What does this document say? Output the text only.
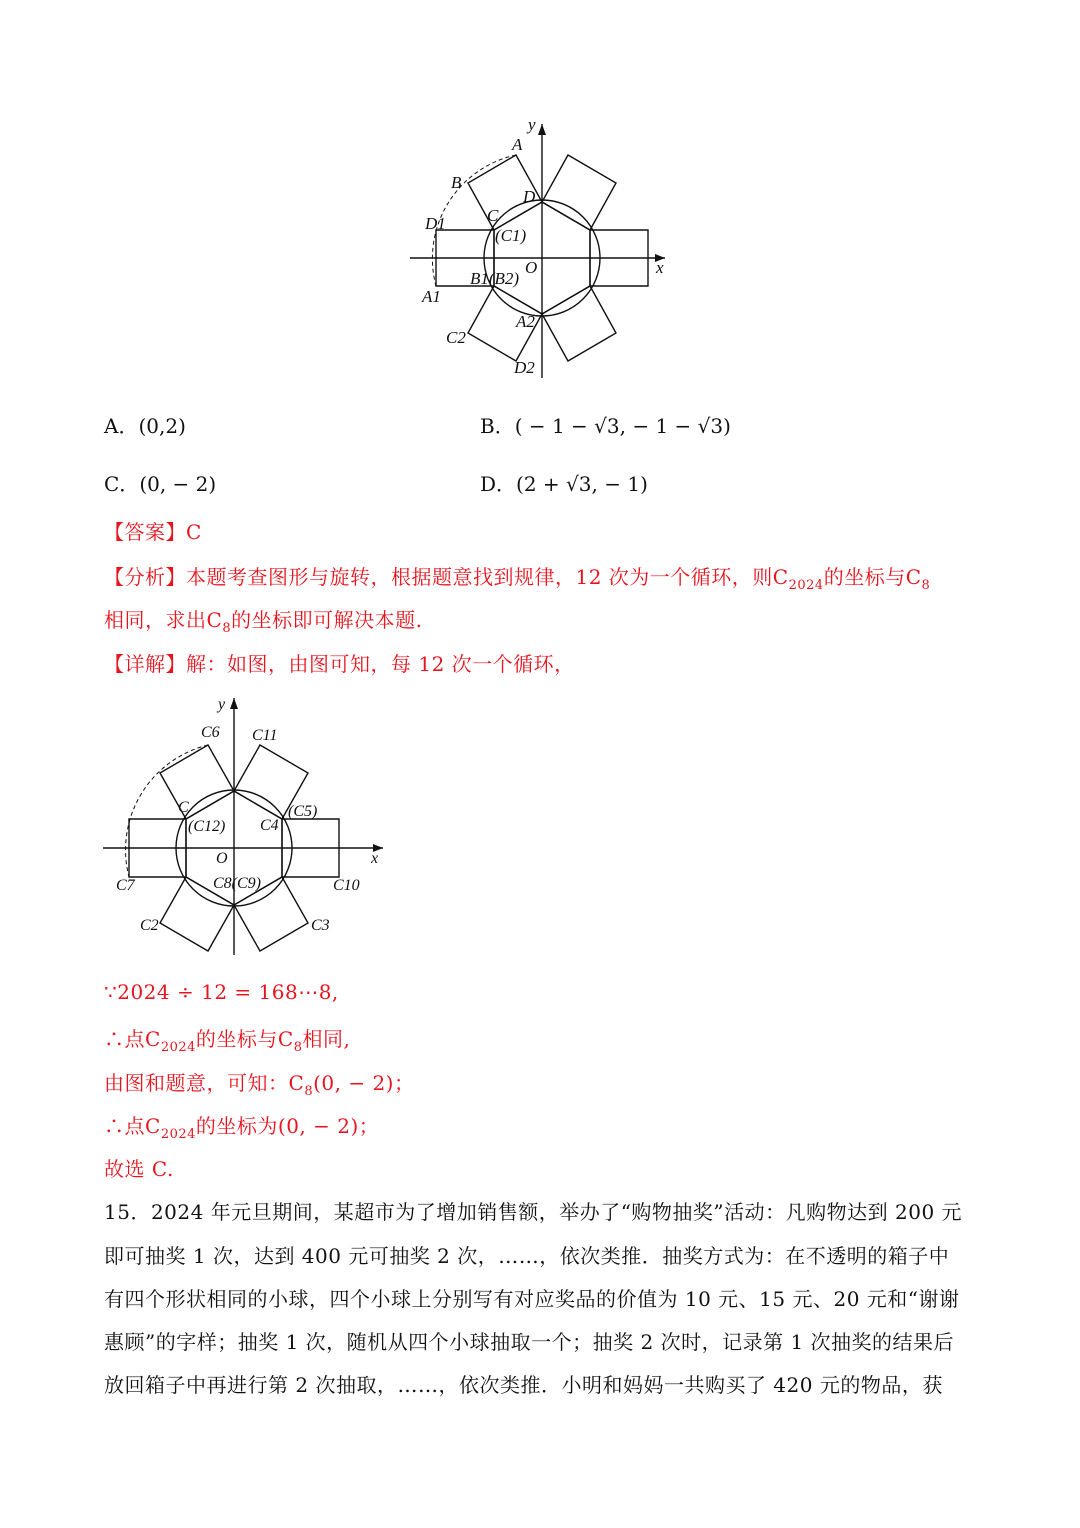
y
x
A
B
D
D1 C
(C1)
O
B1(B2)
A1
A2
C2
D2
A．(0,2)	B．( − 1 − √3, − 1 − √3)
C．(0, − 2)	D．(2 + √3, − 1)
【答案】C
【分析】本题考查图形与旋转，根据题意找到规律，12 次为一个循环，则$C_{2024}$的坐标与$C_8$
相同，求出$C_8$的坐标即可解决本题.
【详解】解：如图，由图可知，每 12 次一个循环，
y
x
C6 C11
C	(C5)
(C12) C4
O
C7	C8(C9)	C10
C2	C3
∵2024 ÷ 12 = 168⋯8,
∴点$C_{2024}$的坐标与$C_8$相同,
由图和题意，可知：$C_8(0$, − 2)；
∴点$C_{2024}$的坐标为(0, − 2)；
故选 C.
15．2024 年元旦期间，某超市为了增加销售额，举办了“购物抽奖”活动：凡购物达到 200 元
即可抽奖 1 次，达到 400 元可抽奖 2 次，……，依次类推．抽奖方式为：在不透明的箱子中
有四个形状相同的小球，四个小球上分别写有对应奖品的价值为 10 元、15 元、20 元和“谢谢
惠顾”的字样；抽奖 1 次，随机从四个小球抽取一个；抽奖 2 次时，记录第 1 次抽奖的结果后
放回箱子中再进行第 2 次抽取，……，依次类推．小明和妈妈一共购买了 420 元的物品，获
